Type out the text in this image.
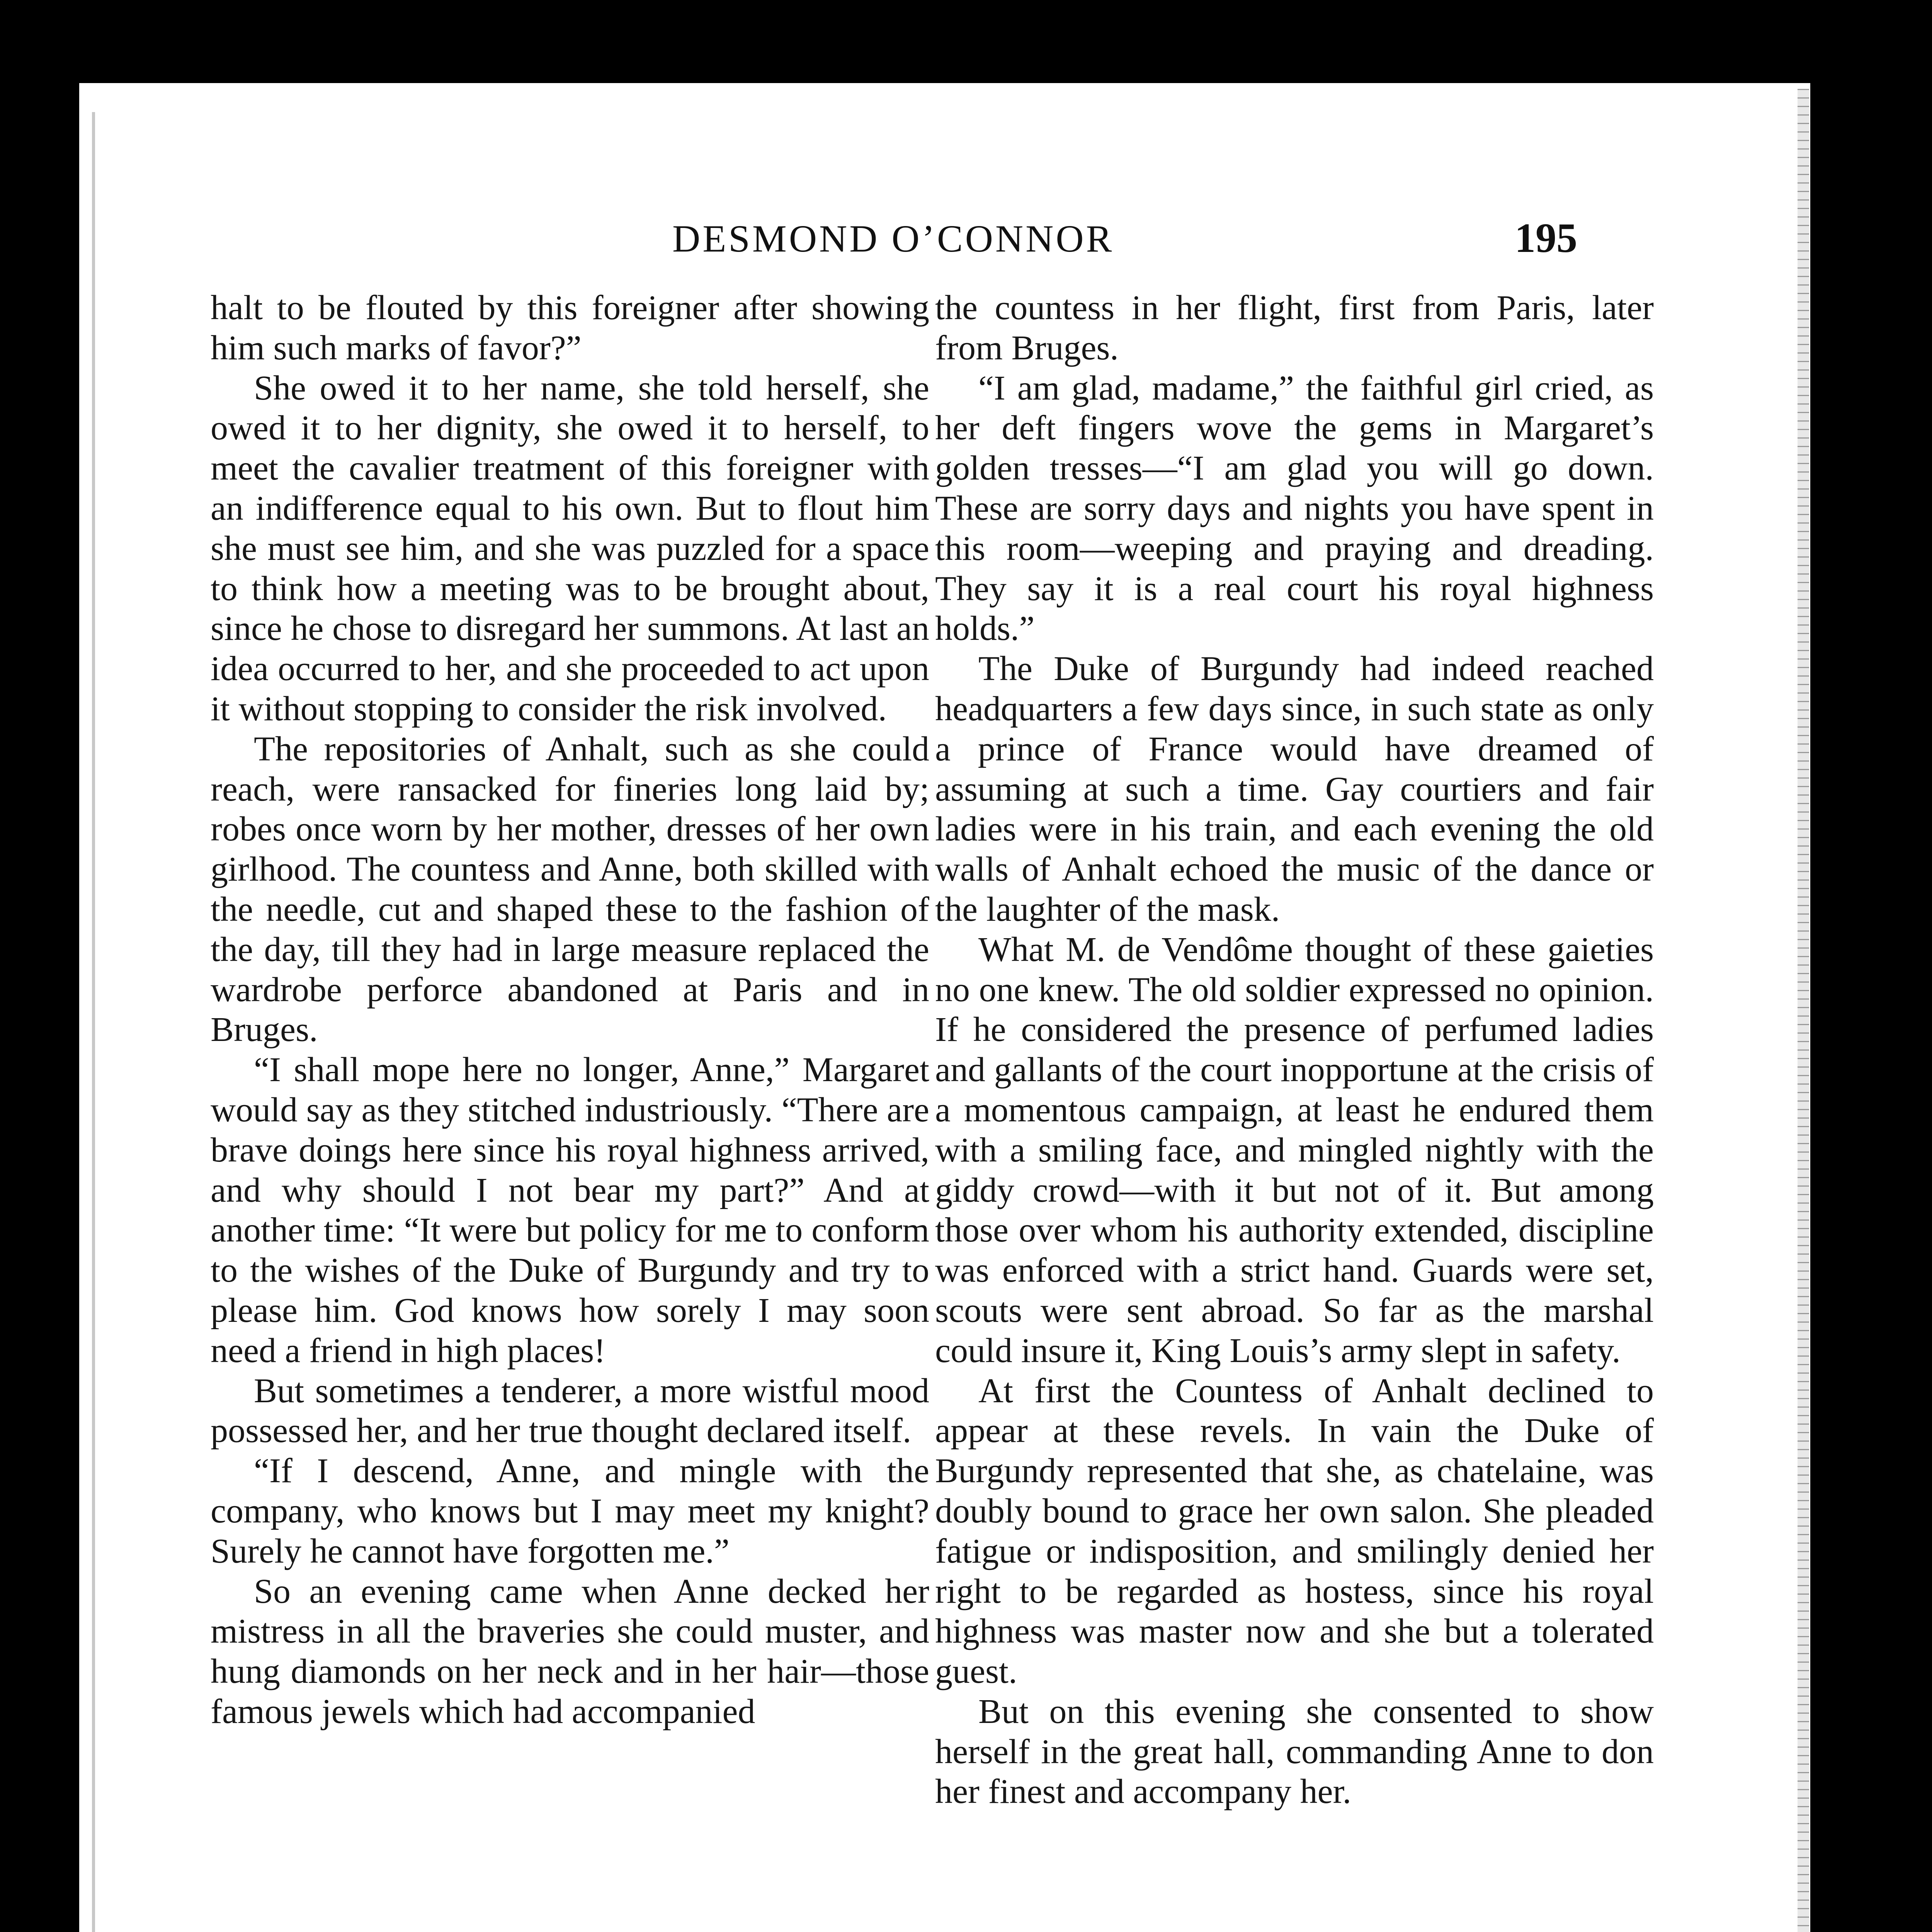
DESMOND O’CONNOR	195

halt to be flouted by this foreigner after showing him such marks of favor?”

She owed it to her name, she told herself, she owed it to her dignity, she owed it to herself, to meet the cavalier treatment of this foreigner with an indifference equal to his own. But to flout him she must see him, and she was puzzled for a space to think how a meeting was to be brought about, since he chose to disregard her summons. At last an idea occurred to her, and she proceeded to act upon it without stopping to consider the risk involved.

The repositories of Anhalt, such as she could reach, were ransacked for fineries long laid by; robes once worn by her mother, dresses of her own girlhood. The countess and Anne, both skilled with the needle, cut and shaped these to the fashion of the day, till they had in large measure replaced the wardrobe perforce abandoned at Paris and in Bruges.

“I shall mope here no longer, Anne,” Margaret would say as they stitched industriously. “There are brave doings here since his royal highness arrived, and why should I not bear my part?” And at another time: “It were but policy for me to conform to the wishes of the Duke of Burgundy and try to please him. God knows how sorely I may soon need a friend in high places!

But sometimes a tenderer, a more wistful mood possessed her, and her true thought declared itself.

“If I descend, Anne, and mingle with the company, who knows but I may meet my knight? Surely he cannot have forgotten me.”

So an evening came when Anne decked her mistress in all the braveries she could muster, and hung diamonds on her neck and in her hair—those famous jewels which had accompanied

the countess in her flight, first from Paris, later from Bruges.

“I am glad, madame,” the faithful girl cried, as her deft fingers wove the gems in Margaret’s golden tresses—“I am glad you will go down. These are sorry days and nights you have spent in this room—weeping and praying and dreading. They say it is a real court his royal highness holds.”

The Duke of Burgundy had indeed reached headquarters a few days since, in such state as only a prince of France would have dreamed of assuming at such a time. Gay courtiers and fair ladies were in his train, and each evening the old walls of Anhalt echoed the music of the dance or the laughter of the mask.

What M. de Vendôme thought of these gaieties no one knew. The old soldier expressed no opinion. If he considered the presence of perfumed ladies and gallants of the court inopportune at the crisis of a momentous campaign, at least he endured them with a smiling face, and mingled nightly with the giddy crowd—with it but not of it. But among those over whom his authority extended, discipline was enforced with a strict hand. Guards were set, scouts were sent abroad. So far as the marshal could insure it, King Louis’s army slept in safety.

At first the Countess of Anhalt declined to appear at these revels. In vain the Duke of Burgundy represented that she, as chatelaine, was doubly bound to grace her own salon. She pleaded fatigue or indisposition, and smilingly denied her right to be regarded as hostess, since his royal highness was master now and she but a tolerated guest.

But on this evening she consented to show herself in the great hall, commanding Anne to don her finest and accompany her.
